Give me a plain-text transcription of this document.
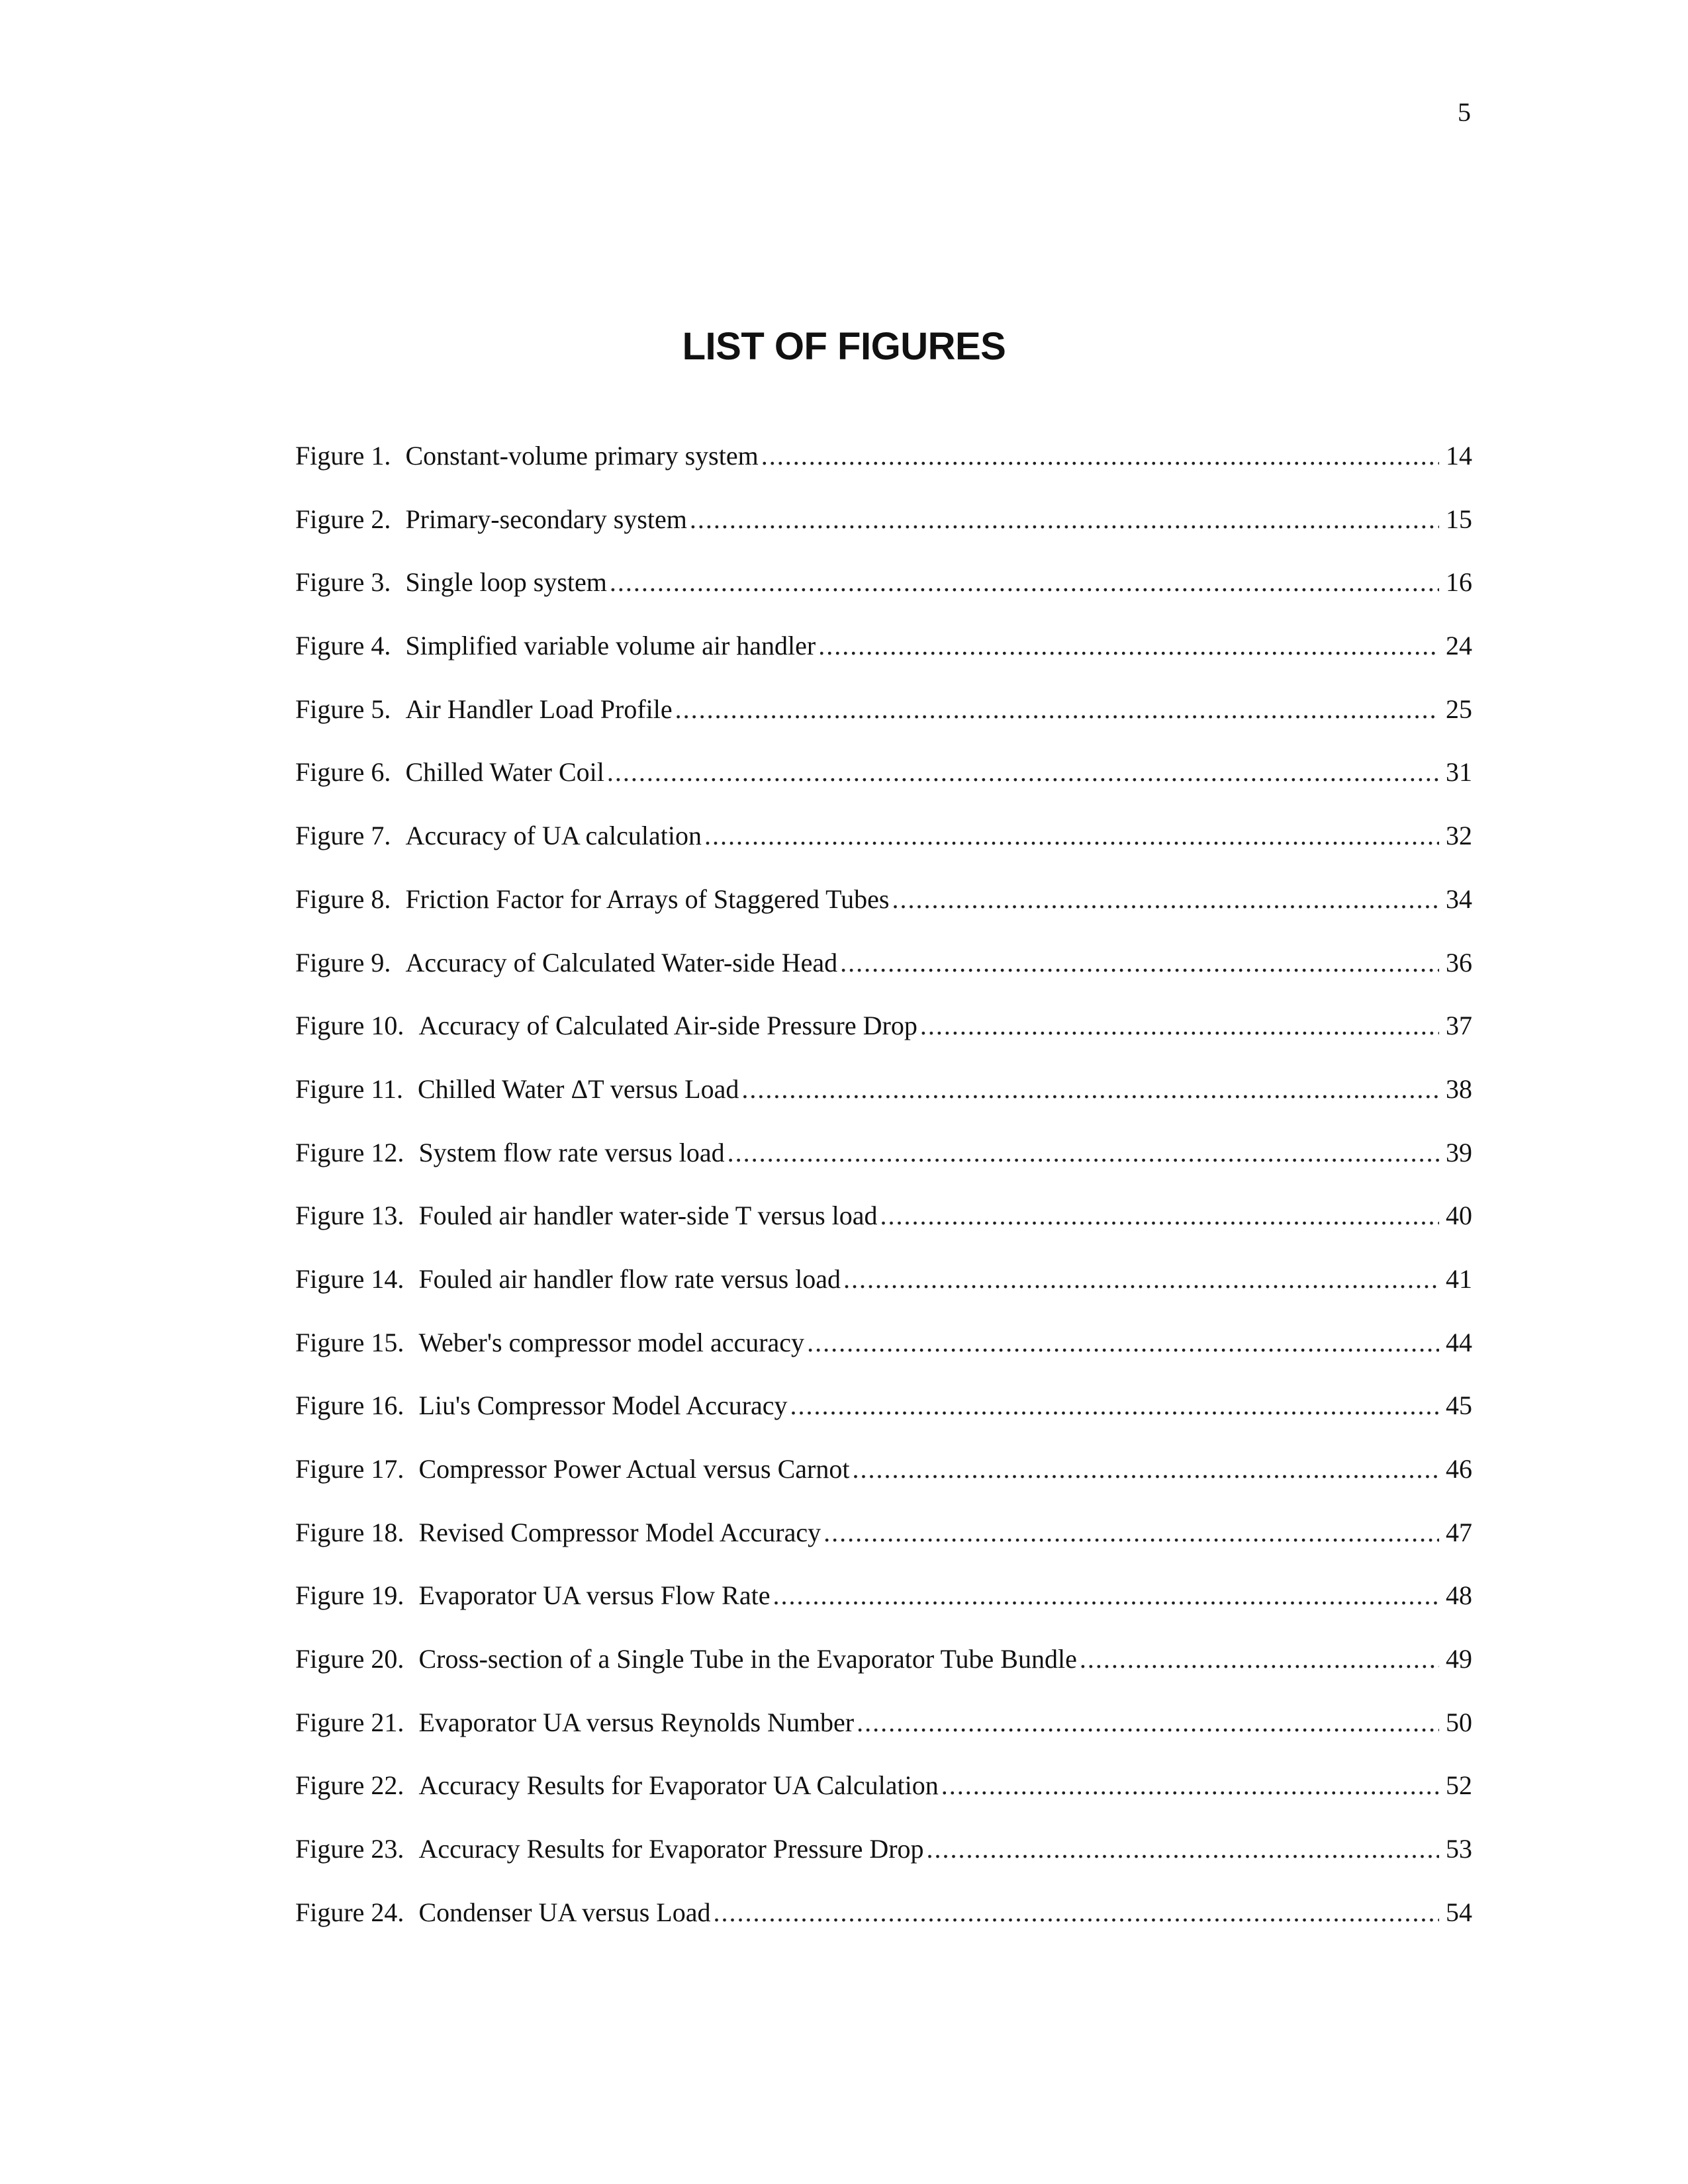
5
LIST OF FIGURES
Figure 1. Constant-volume primary system .....	14
Figure 2. Primary-secondary system .....	15
Figure 3. Single loop system .....	16
Figure 4. Simplified variable volume air handler .....	24
Figure 5. Air Handler Load Profile .....	25
Figure 6. Chilled Water Coil .....	31
Figure 7. Accuracy of UA calculation .....	32
Figure 8. Friction Factor for Arrays of Staggered Tubes .....	34
Figure 9. Accuracy of Calculated Water-side Head .....	36
Figure 10. Accuracy of Calculated Air-side Pressure Drop .....	37
Figure 11. Chilled Water ΔT versus Load .....	38
Figure 12. System flow rate versus load .....	39
Figure 13. Fouled air handler water-side T versus load .....	40
Figure 14. Fouled air handler flow rate versus load .....	41
Figure 15. Weber's compressor model accuracy .....	44
Figure 16. Liu's Compressor Model Accuracy .....	45
Figure 17. Compressor Power Actual versus Carnot .....	46
Figure 18. Revised Compressor Model Accuracy .....	47
Figure 19. Evaporator UA versus Flow Rate .....	48
Figure 20. Cross-section of a Single Tube in the Evaporator Tube Bundle .....	49
Figure 21. Evaporator UA versus Reynolds Number .....	50
Figure 22. Accuracy Results for Evaporator UA Calculation .....	52
Figure 23. Accuracy Results for Evaporator Pressure Drop .....	53
Figure 24. Condenser UA versus Load .....	54
